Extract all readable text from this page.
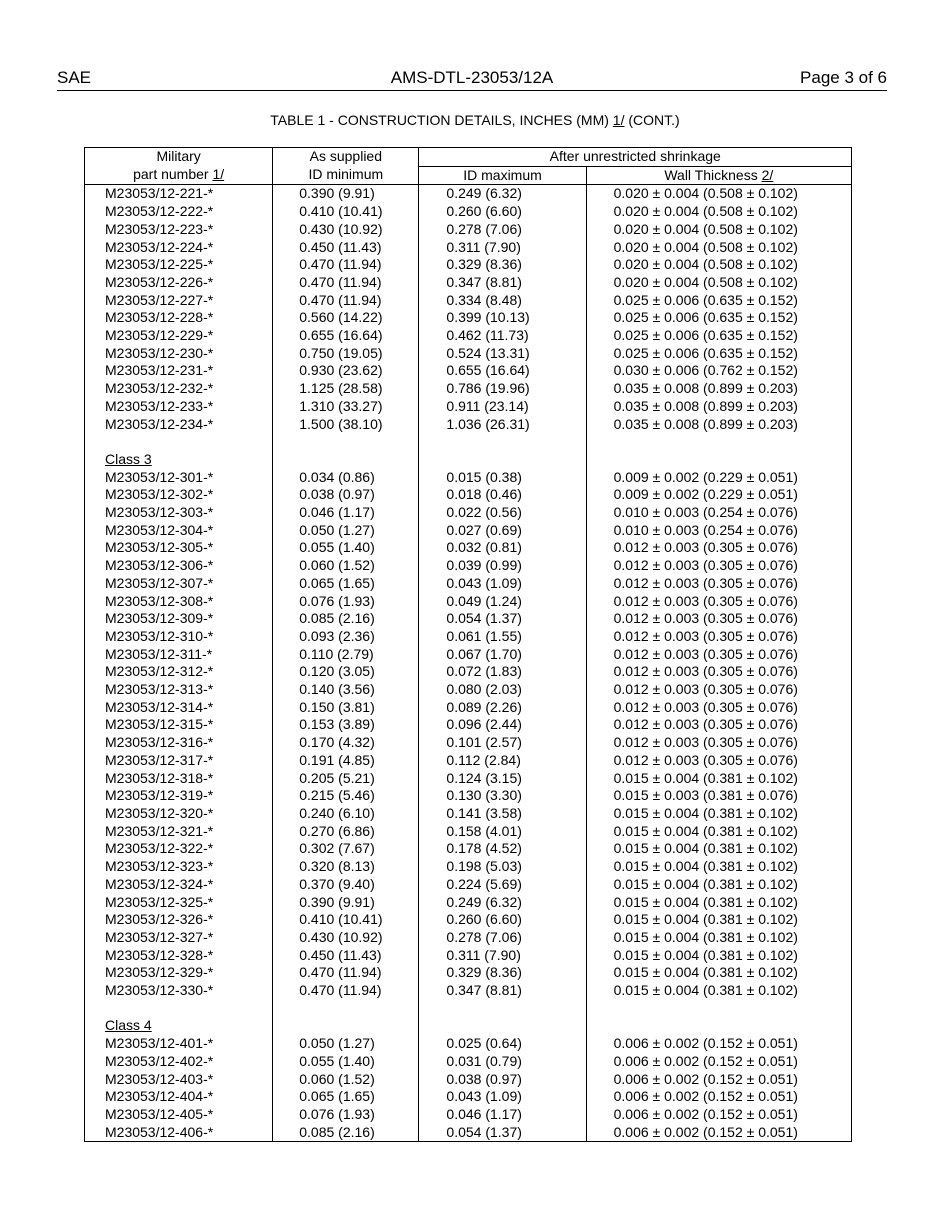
AMS-DTL-23053/12A
SAE	Page 3 of 6
TABLE 1 - CONSTRUCTION DETAILS, INCHES (MM) 1/ (CONT.)
Military	As supplied	After unrestricted shrinkage	
part number 1/	ID minimum	ID maximum	Wall Thickness 2/
M23053/12-221-*	0.390 (9.91)	0.249 (6.32)	0.020 ± 0.004 (0.508 ± 0.102)
M23053/12-222-*	0.410 (10.41)	0.260 (6.60)	0.020 ± 0.004 (0.508 ± 0.102)
M23053/12-223-*	0.430 (10.92)	0.278 (7.06)	0.020 ± 0.004 (0.508 ± 0.102)
M23053/12-224-*	0.450 (11.43)	0.311 (7.90)	0.020 ± 0.004 (0.508 ± 0.102)
M23053/12-225-*	0.470 (11.94)	0.329 (8.36)	0.020 ± 0.004 (0.508 ± 0.102)
M23053/12-226-*	0.470 (11.94)	0.347 (8.81)	0.020 ± 0.004 (0.508 ± 0.102)
M23053/12-227-*	0.470 (11.94)	0.334 (8.48)	0.025 ± 0.006 (0.635 ± 0.152)
M23053/12-228-*	0.560 (14.22)	0.399 (10.13)	0.025 ± 0.006 (0.635 ± 0.152)
M23053/12-229-*	0.655 (16.64)	0.462 (11.73)	0.025 ± 0.006 (0.635 ± 0.152)
M23053/12-230-*	0.750 (19.05)	0.524 (13.31)	0.025 ± 0.006 (0.635 ± 0.152)
M23053/12-231-*	0.930 (23.62)	0.655 (16.64)	0.030 ± 0.006 (0.762 ± 0.152)
M23053/12-232-*	1.125 (28.58)	0.786 (19.96)	0.035 ± 0.008 (0.899 ± 0.203)
M23053/12-233-*	1.310 (33.27)	0.911 (23.14)	0.035 ± 0.008 (0.899 ± 0.203)
M23053/12-234-*	1.500 (38.10)	1.036 (26.31)	0.035 ± 0.008 (0.899 ± 0.203)

Class 3			
M23053/12-301-*	0.034 (0.86)	0.015 (0.38)	0.009 ± 0.002 (0.229 ± 0.051)
M23053/12-302-*	0.038 (0.97)	0.018 (0.46)	0.009 ± 0.002 (0.229 ± 0.051)
M23053/12-303-*	0.046 (1.17)	0.022 (0.56)	0.010 ± 0.003 (0.254 ± 0.076)
M23053/12-304-*	0.050 (1.27)	0.027 (0.69)	0.010 ± 0.003 (0.254 ± 0.076)
M23053/12-305-*	0.055 (1.40)	0.032 (0.81)	0.012 ± 0.003 (0.305 ± 0.076)
M23053/12-306-*	0.060 (1.52)	0.039 (0.99)	0.012 ± 0.003 (0.305 ± 0.076)
M23053/12-307-*	0.065 (1.65)	0.043 (1.09)	0.012 ± 0.003 (0.305 ± 0.076)
M23053/12-308-*	0.076 (1.93)	0.049 (1.24)	0.012 ± 0.003 (0.305 ± 0.076)
M23053/12-309-*	0.085 (2.16)	0.054 (1.37)	0.012 ± 0.003 (0.305 ± 0.076)
M23053/12-310-*	0.093 (2.36)	0.061 (1.55)	0.012 ± 0.003 (0.305 ± 0.076)
M23053/12-311-*	0.110 (2.79)	0.067 (1.70)	0.012 ± 0.003 (0.305 ± 0.076)
M23053/12-312-*	0.120 (3.05)	0.072 (1.83)	0.012 ± 0.003 (0.305 ± 0.076)
M23053/12-313-*	0.140 (3.56)	0.080 (2.03)	0.012 ± 0.003 (0.305 ± 0.076)
M23053/12-314-*	0.150 (3.81)	0.089 (2.26)	0.012 ± 0.003 (0.305 ± 0.076)
M23053/12-315-*	0.153 (3.89)	0.096 (2.44)	0.012 ± 0.003 (0.305 ± 0.076)
M23053/12-316-*	0.170 (4.32)	0.101 (2.57)	0.012 ± 0.003 (0.305 ± 0.076)
M23053/12-317-*	0.191 (4.85)	0.112 (2.84)	0.012 ± 0.003 (0.305 ± 0.076)
M23053/12-318-*	0.205 (5.21)	0.124 (3.15)	0.015 ± 0.004 (0.381 ± 0.102)
M23053/12-319-*	0.215 (5.46)	0.130 (3.30)	0.015 ± 0.003 (0.381 ± 0.076)
M23053/12-320-*	0.240 (6.10)	0.141 (3.58)	0.015 ± 0.004 (0.381 ± 0.102)
M23053/12-321-*	0.270 (6.86)	0.158 (4.01)	0.015 ± 0.004 (0.381 ± 0.102)
M23053/12-322-*	0.302 (7.67)	0.178 (4.52)	0.015 ± 0.004 (0.381 ± 0.102)
M23053/12-323-*	0.320 (8.13)	0.198 (5.03)	0.015 ± 0.004 (0.381 ± 0.102)
M23053/12-324-*	0.370 (9.40)	0.224 (5.69)	0.015 ± 0.004 (0.381 ± 0.102)
M23053/12-325-*	0.390 (9.91)	0.249 (6.32)	0.015 ± 0.004 (0.381 ± 0.102)
M23053/12-326-*	0.410 (10.41)	0.260 (6.60)	0.015 ± 0.004 (0.381 ± 0.102)
M23053/12-327-*	0.430 (10.92)	0.278 (7.06)	0.015 ± 0.004 (0.381 ± 0.102)
M23053/12-328-*	0.450 (11.43)	0.311 (7.90)	0.015 ± 0.004 (0.381 ± 0.102)
M23053/12-329-*	0.470 (11.94)	0.329 (8.36)	0.015 ± 0.004 (0.381 ± 0.102)
M23053/12-330-*	0.470 (11.94)	0.347 (8.81)	0.015 ± 0.004 (0.381 ± 0.102)

Class 4			
M23053/12-401-*	0.050 (1.27)	0.025 (0.64)	0.006 ± 0.002 (0.152 ± 0.051)
M23053/12-402-*	0.055 (1.40)	0.031 (0.79)	0.006 ± 0.002 (0.152 ± 0.051)
M23053/12-403-*	0.060 (1.52)	0.038 (0.97)	0.006 ± 0.002 (0.152 ± 0.051)
M23053/12-404-*	0.065 (1.65)	0.043 (1.09)	0.006 ± 0.002 (0.152 ± 0.051)
M23053/12-405-*	0.076 (1.93)	0.046 (1.17)	0.006 ± 0.002 (0.152 ± 0.051)
M23053/12-406-*	0.085 (2.16)	0.054 (1.37)	0.006 ± 0.002 (0.152 ± 0.051)
